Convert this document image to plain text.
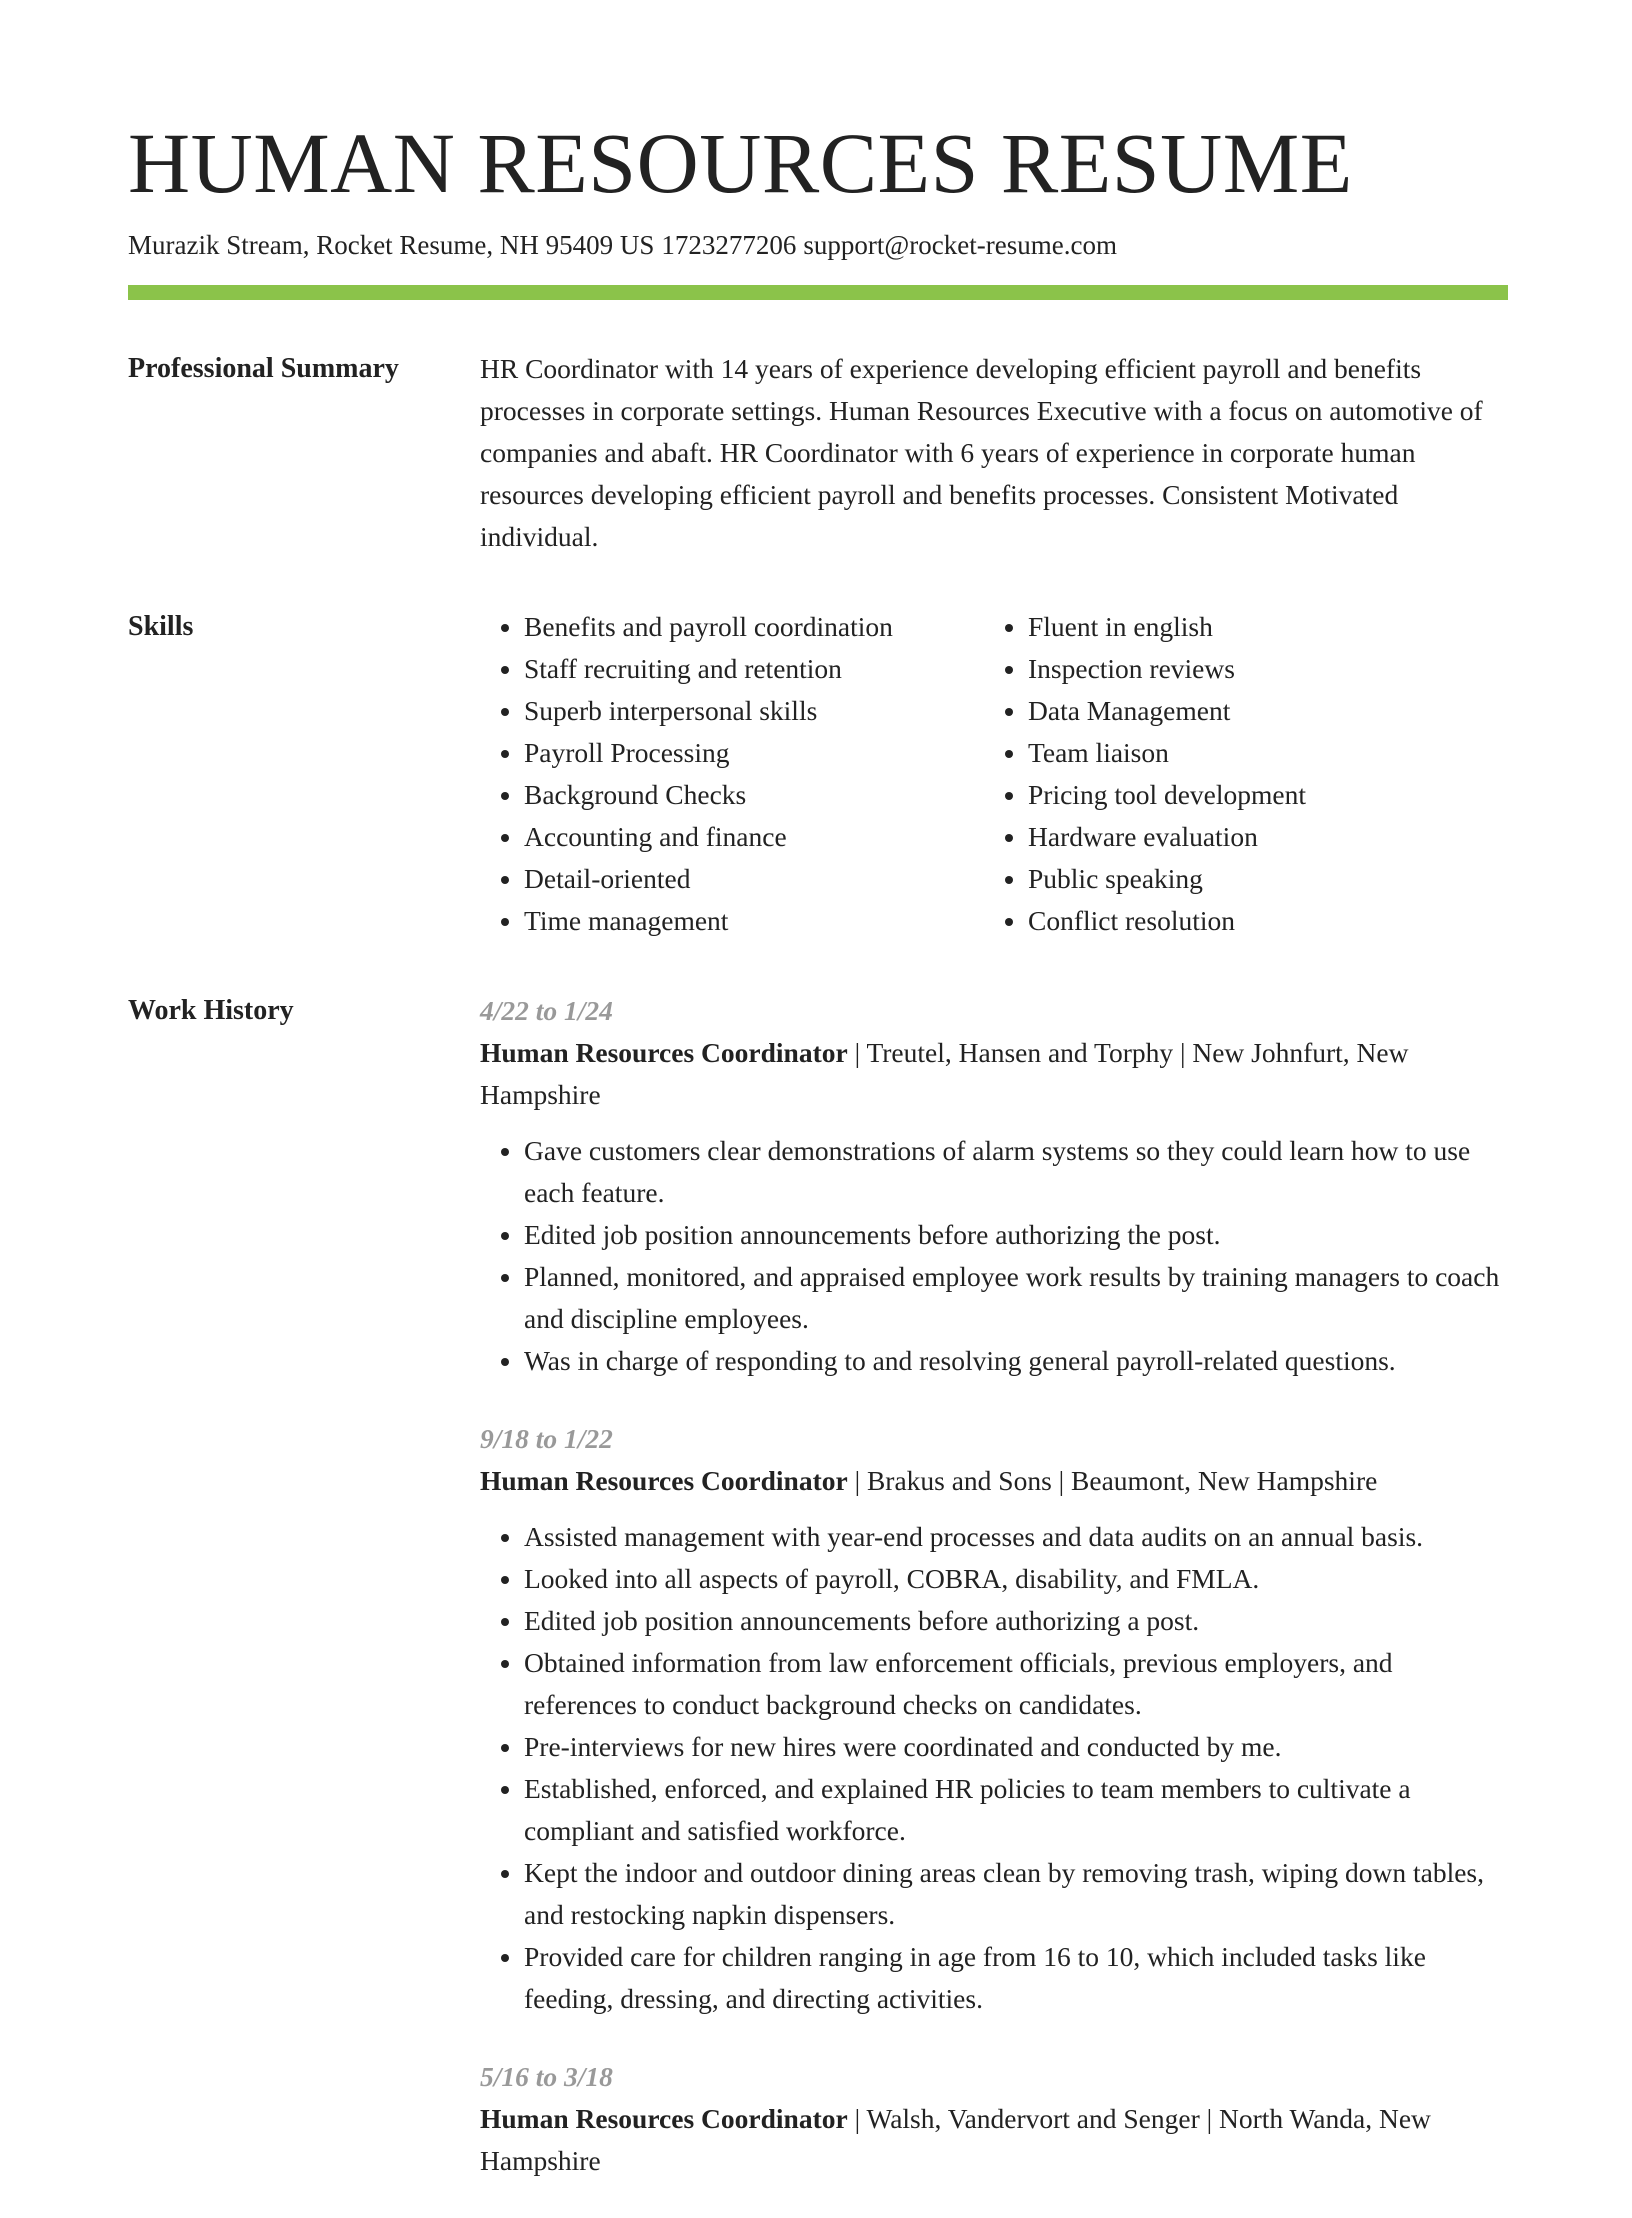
HUMAN RESOURCES RESUME
Murazik Stream, Rocket Resume, NH 95409 US 1723277206 support@rocket-resume.com
Professional Summary	HR Coordinator with 14 years of experience developing efficient payroll and benefits processes in corporate settings. Human Resources Executive with a focus on automotive of companies and abaft. HR Coordinator with 6 years of experience in corporate human resources developing efficient payroll and benefits processes. Consistent Motivated individual.

Skills
•	Benefits and payroll coordination
• Staff recruiting and retention
• Superb interpersonal skills
• Payroll Processing
• Background Checks
• Accounting and finance
• Detail-oriented
• Time management
• Fluent in english
• Inspection reviews
• Data Management
• Team liaison
• Pricing tool development
• Hardware evaluation
• Public speaking
• Conflict resolution
Work History	4/22 to 1/24
Human Resources Coordinator | Treutel, Hansen and Torphy | New Johnfurt, New Hampshire
• Gave customers clear demonstrations of alarm systems so they could learn how to use each feature.
• Edited job position announcements before authorizing the post.
• Planned, monitored, and appraised employee work results by training managers to coach and discipline employees.
• Was in charge of responding to and resolving general payroll-related questions.
9/18 to 1/22
Human Resources Coordinator | Brakus and Sons | Beaumont, New Hampshire
• Assisted management with year-end processes and data audits on an annual basis.
• Looked into all aspects of payroll, COBRA, disability, and FMLA.
• Edited job position announcements before authorizing a post.
• Obtained information from law enforcement officials, previous employers, and references to conduct background checks on candidates.
• Pre-interviews for new hires were coordinated and conducted by me.
• Established, enforced, and explained HR policies to team members to cultivate a compliant and satisfied workforce.
• Kept the indoor and outdoor dining areas clean by removing trash, wiping down tables, and restocking napkin dispensers.
• Provided care for children ranging in age from 16 to 10, which included tasks like feeding, dressing, and directing activities.
5/16 to 3/18
Human Resources Coordinator | Walsh, Vandervort and Senger | North Wanda, New Hampshire
